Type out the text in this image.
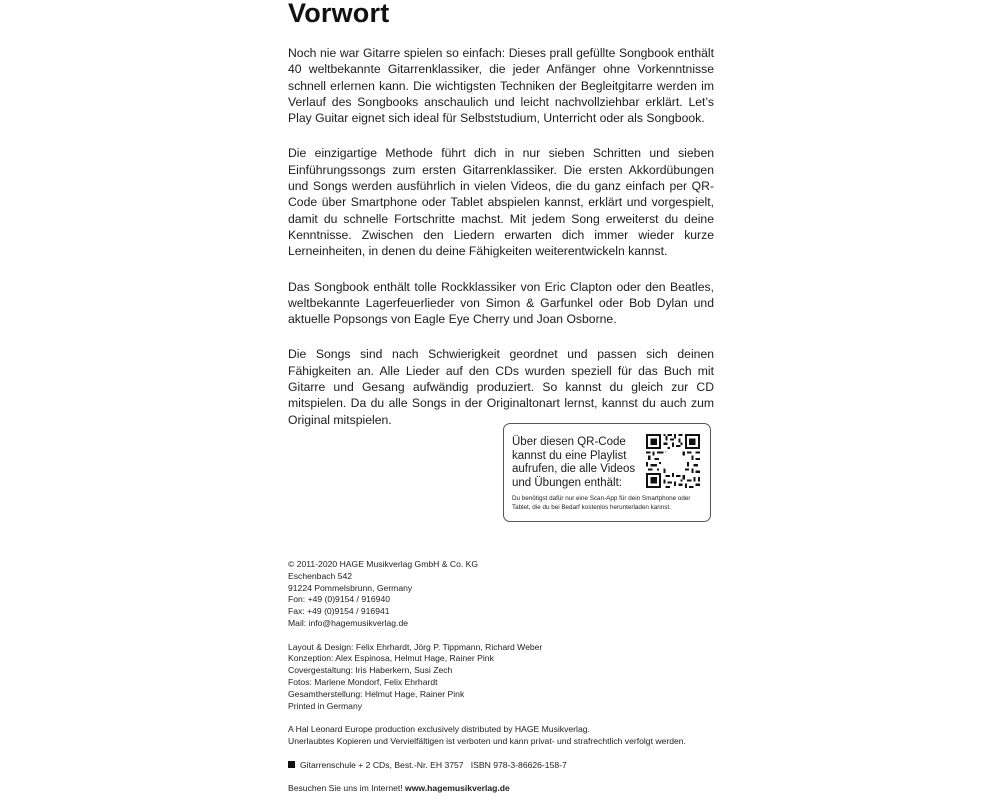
Vorwort

Noch nie war Gitarre spielen so einfach: Dieses prall gefüllte Songbook enthält 40 weltbekannte Gitarrenklassiker, die jeder Anfänger ohne Vorkenntnisse schnell erlernen kann. Die wichtigsten Techniken der Begleitgitarre werden im Verlauf des Songbooks anschaulich und leicht nachvollziehbar erklärt. Let’s Play Guitar eignet sich ideal für Selbststudium, Unterricht oder als Songbook.

Die einzigartige Methode führt dich in nur sieben Schritten und sieben Einführungssongs zum ersten Gitarrenklassiker. Die ersten Akkordübungen und Songs werden ausführlich in vielen Videos, die du ganz einfach per QR-Code über Smartphone oder Tablet abspielen kannst, erklärt und vorgespielt, damit du schnelle Fortschritte machst. Mit jedem Song erweiterst du deine Kenntnisse. Zwischen den Liedern erwarten dich immer wieder kurze Lerneinheiten, in denen du deine Fähigkeiten weiterentwickeln kannst.

Das Songbook enthält tolle Rockklassiker von Eric Clapton oder den Beatles, weltbekannte Lagerfeuerlieder von Simon & Garfunkel oder Bob Dylan und aktuelle Popsongs von Eagle Eye Cherry und Joan Osborne.

Die Songs sind nach Schwierigkeit geordnet und passen sich deinen Fähigkeiten an. Alle Lieder auf den CDs wurden speziell für das Buch mit Gitarre und Gesang aufwändig produziert. So kannst du gleich zur CD mitspielen. Da du alle Songs in der Originaltonart lernst, kannst du auch zum Original mitspielen.

Über diesen QR-Code kannst du eine Playlist aufrufen, die alle Videos und Übungen enthält:
Du benötigst dafür nur eine Scan-App für dein Smartphone oder Tablet, die du bei Bedarf kostenlos herunterladen kannst.
© 2011-2020 HAGE Musikverlag GmbH & Co. KG
Eschenbach 542
91224 Pommelsbrunn, Germany
Fon: +49 (0)9154 / 916940
Fax: +49 (0)9154 / 916941
Mail: info@hagemusikverlag.de
Layout & Design: Felix Ehrhardt, Jörg P. Tippmann, Richard Weber
Konzeption: Alex Espinosa, Helmut Hage, Rainer Pink
Covergestaltung: Iris Haberkern, Susi Zech
Fotos: Marlene Mondorf, Felix Ehrhardt
Gesamtherstellung: Helmut Hage, Rainer Pink
Printed in Germany
A Hal Leonard Europe production exclusively distributed by HAGE Musikverlag.
Unerlaubtes Kopieren und Vervielfältigen ist verboten und kann privat- und strafrechtlich verfolgt werden.
Gitarrenschule + 2 CDs, Best.-Nr. EH 3757   ISBN 978-3-86626-158-7
Besuchen Sie uns im Internet! www.hagemusikverlag.de
